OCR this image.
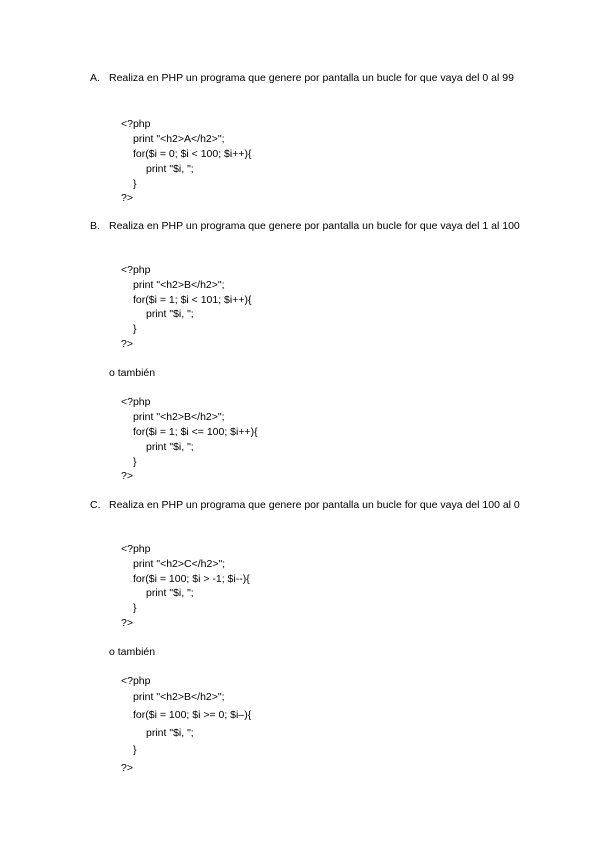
A. Realiza en PHP un programa que genere por pantalla un bucle for que vaya del 0 al 99
<?php
print "<h2>A</h2>";
for($i = 0; $i < 100; $i++){
print "$i, ";
}
?>
B. Realiza en PHP un programa que genere por pantalla un bucle for que vaya del 1 al 100
<?php
print "<h2>B</h2>";
for($i = 1; $i < 101; $i++){
print "$i, ";
}
?>
o también
<?php
print "<h2>B</h2>";
for($i = 1; $i <= 100; $i++){
print "$i, ";
}
?>
C. Realiza en PHP un programa que genere por pantalla un bucle for que vaya del 100 al 0
<?php
print "<h2>C</h2>";
for($i = 100; $i > -1; $i--){
print "$i, ";
}
?>
o también
<?php
print "<h2>B</h2>";
for($i = 100; $i >= 0; $i–){
print "$i, ";
}
?>
